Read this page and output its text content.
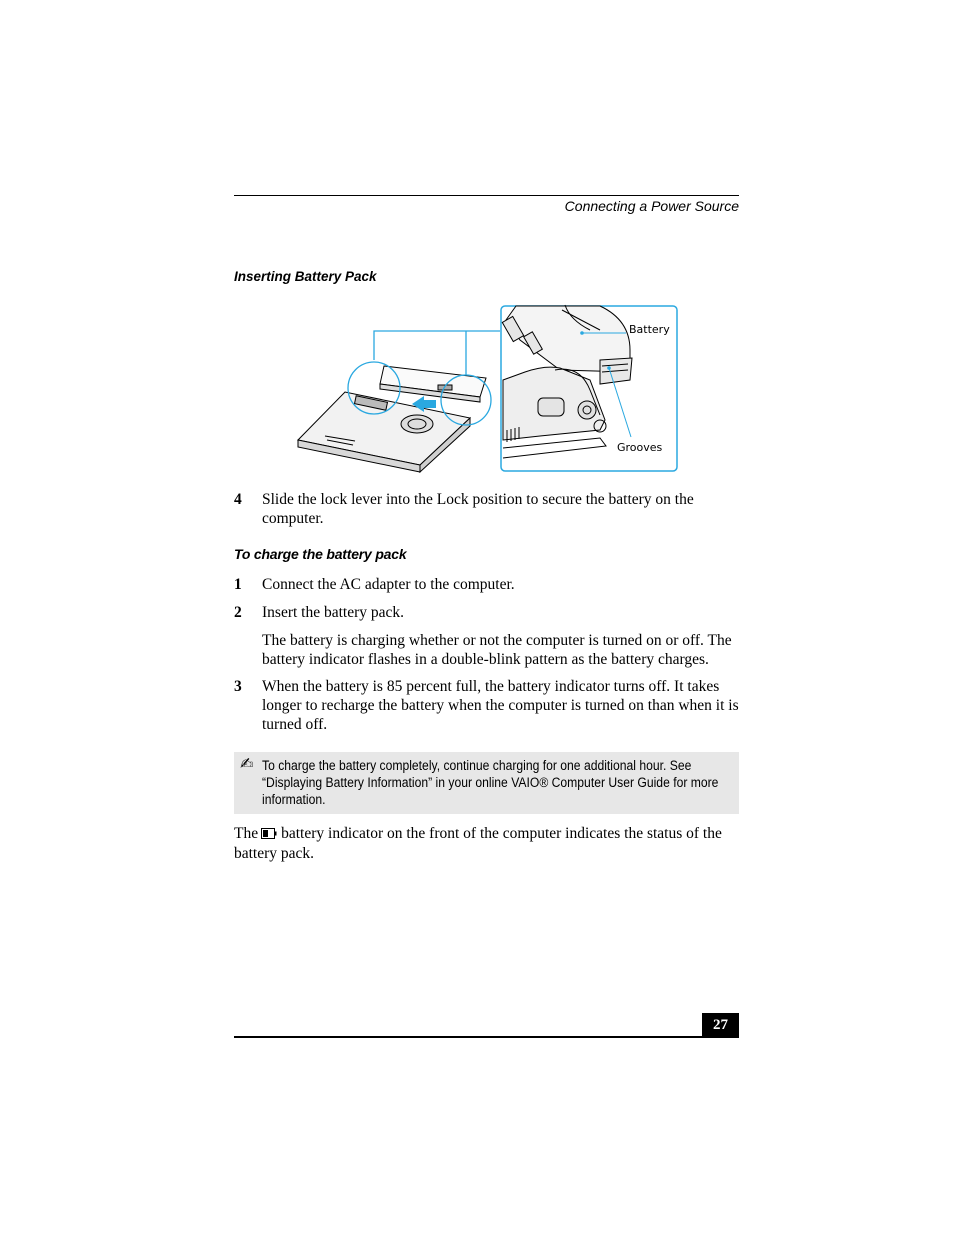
Connecting a Power Source
Inserting Battery Pack
Battery
Grooves
4 Slide the lock lever into the Lock position to secure the battery on the computer.
To charge the battery pack
1 Connect the AC adapter to the computer.
2 Insert the battery pack.
The battery is charging whether or not the computer is turned on or off. The battery indicator flashes in a double-blink pattern as the battery charges.
3 When the battery is 85 percent full, the battery indicator turns off. It takes longer to recharge the battery when the computer is turned on than when it is turned off.
✍ To charge the battery completely, continue charging for one additional hour. See “Displaying Battery Information” in your online VAIO® Computer User Guide for more information.
The battery indicator on the front of the computer indicates the status of the battery pack.
27
